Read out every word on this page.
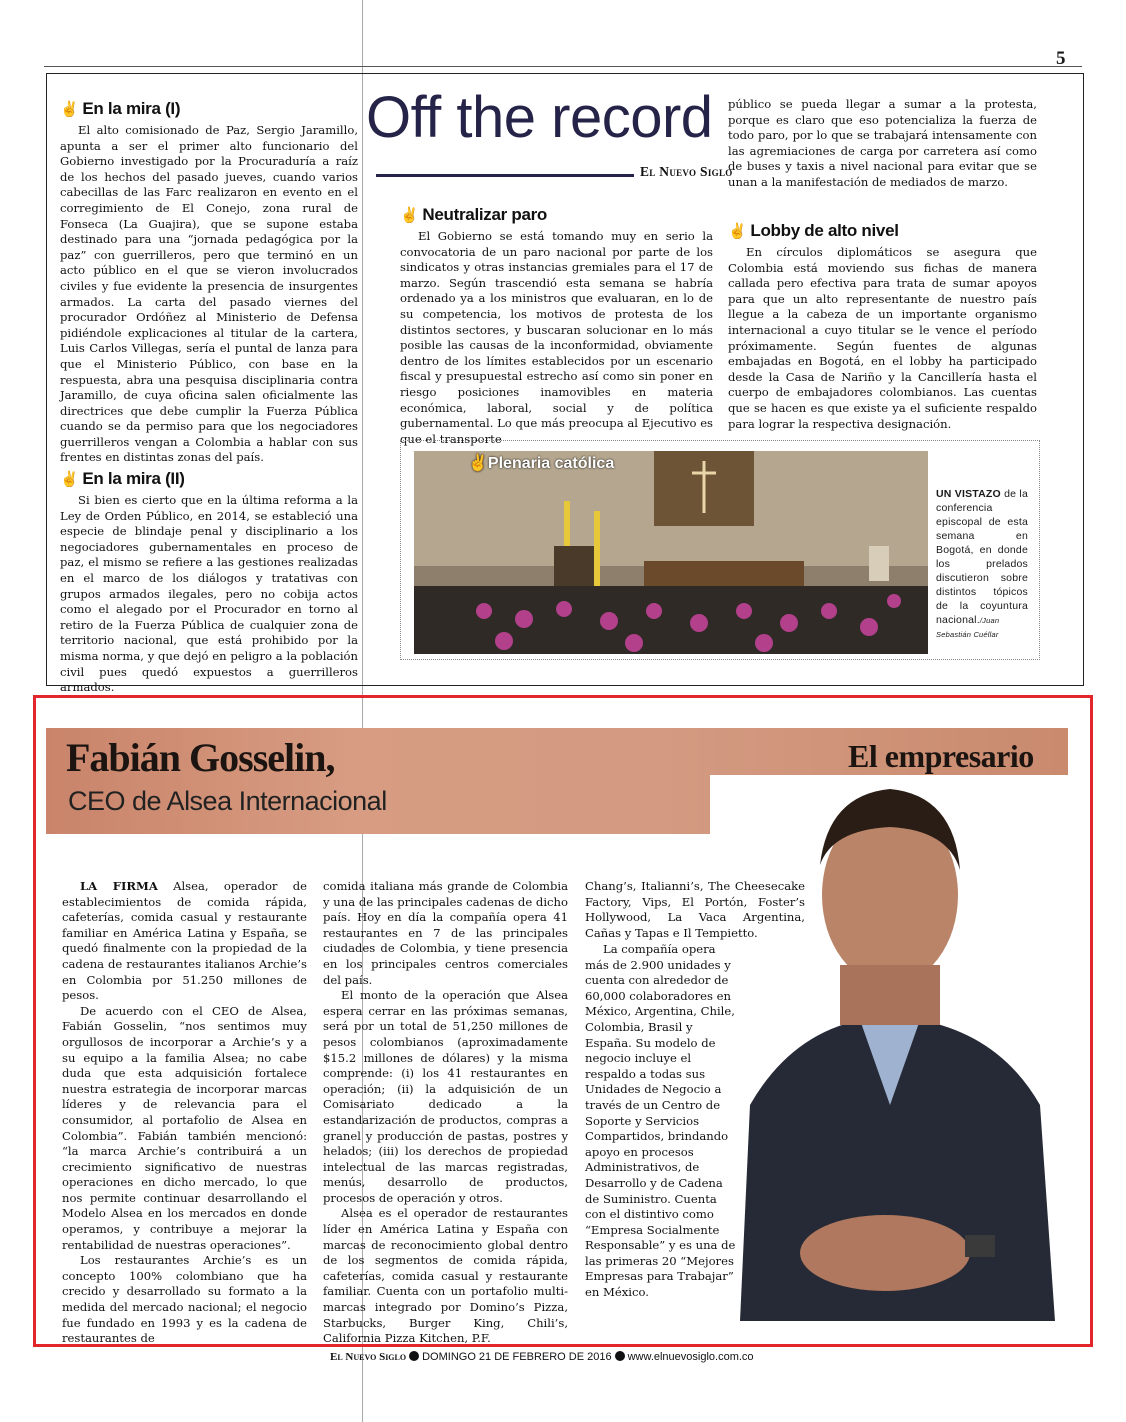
5
✌ En la mira (I)

El alto comisionado de Paz, Sergio Jaramillo, apunta a ser el primer alto funcionario del Gobierno investigado por la Procuraduría a raíz de los hechos del pasado jueves, cuando varios cabecillas de las Farc realizaron en evento en el corregimiento de El Conejo, zona rural de Fonseca (La Guajira), que se supone estaba destinado para una “jornada pedagógica por la paz” con guerrilleros, pero que terminó en un acto público en el que se vieron involucrados civiles y fue evidente la presencia de insurgentes armados. La carta del pasado viernes del procurador Ordóñez al Ministerio de Defensa pidiéndole explicaciones al titular de la cartera, Luis Carlos Villegas, sería el puntal de lanza para que el Ministerio Público, con base en la respuesta, abra una pesquisa disciplinaria contra Jaramillo, de cuya oficina salen oficialmente las directrices que debe cumplir la Fuerza Pública cuando se da permiso para que los negociadores guerrilleros vengan a Colombia a hablar con sus frentes en distintas zonas del país.

✌ En la mira (II)

Si bien es cierto que en la última reforma a la Ley de Orden Público, en 2014, se estableció una especie de blindaje penal y disciplinario a los negociadores gubernamentales en proceso de paz, el mismo se refiere a las gestiones realizadas en el marco de los diálogos y tratativas con grupos armados ilegales, pero no cobija actos como el alegado por el Procurador en torno al retiro de la Fuerza Pública de cualquier zona de territorio nacional, que está prohibido por la misma norma, y que dejó en peligro a la población civil pues quedó expuestos a guerrilleros armados.

Off the record
El Nuevo Siglo
✌ Neutralizar paro

El Gobierno se está tomando muy en serio la convocatoria de un paro nacional por parte de los sindicatos y otras instancias gremiales para el 17 de marzo. Según trascendió esta semana se habría ordenado ya a los ministros que evaluaran, en lo de su competencia, los motivos de protesta de los distintos sectores, y buscaran solucionar en lo más posible las causas de la inconformidad, obviamente dentro de los límites establecidos por un escenario fiscal y presupuestal estrecho así como sin poner en riesgo posiciones inamovibles en materia económica, laboral, social y de política gubernamental. Lo que más preocupa al Ejecutivo es que el transporte

público se pueda llegar a sumar a la protesta, porque es claro que eso potencializa la fuerza de todo paro, por lo que se trabajará intensamente con las agremiaciones de carga por carretera así como de buses y taxis a nivel nacional para evitar que se unan a la manifestación de mediados de marzo.

✌ Lobby de alto nivel

En círculos diplomáticos se asegura que Colombia está moviendo sus fichas de manera callada pero efectiva para trata de sumar apoyos para que un alto representante de nuestro país llegue a la cabeza de un importante organismo internacional a cuyo titular se le vence el período próximamente. Según fuentes de algunas embajadas en Bogotá, en el lobby ha participado desde la Casa de Nariño y la Cancillería hasta el cuerpo de embajadores colombianos. Las cuentas que se hacen es que existe ya el suficiente respaldo para lograr la respectiva designación.

✌Plenaria católica
UN VISTAZO de la conferencia episcopal de esta semana en Bogotá, en donde los prelados discutieron sobre distintos tópicos de la coyuntura nacional./Juan Sebastián Cuéllar
Fabián Gosselin,
CEO de Alsea Internacional
El empresario

LA FIRMA Alsea, operador de establecimientos de comida rápida, cafeterías, comida casual y restaurante familiar en América Latina y España, se quedó finalmente con la propiedad de la cadena de restaurantes italianos Archie’s en Colombia por 51.250 millones de pesos.

De acuerdo con el CEO de Alsea, Fabián Gosselin, “nos sentimos muy orgullosos de incorporar a Archie’s y a su equipo a la familia Alsea; no cabe duda que esta adquisición fortalece nuestra estrategia de incorporar marcas líderes y de relevancia para el consumidor, al portafolio de Alsea en Colombia”. Fabián también mencionó: “la marca Archie’s contribuirá a un crecimiento significativo de nuestras operaciones en dicho mercado, lo que nos permite continuar desarrollando el Modelo Alsea en los mercados en donde operamos, y contribuye a mejorar la rentabilidad de nuestras operaciones”.

Los restaurantes Archie’s es un concepto 100% colombiano que ha crecido y desarrollado su formato a la medida del mercado nacional; el negocio fue fundado en 1993 y es la cadena de restaurantes de

comida italiana más grande de Colombia y una de las principales cadenas de dicho país. Hoy en día la compañía opera 41 restaurantes en 7 de las principales ciudades de Colombia, y tiene presencia en los principales centros comerciales del país.

El monto de la operación que Alsea espera cerrar en las próximas semanas, será por un total de 51,250 millones de pesos colombianos (aproximadamente $15.2 millones de dólares) y la misma comprende: (i) los 41 restaurantes en operación; (ii) la adquisición de un Comisariato dedicado a la estandarización de productos, compras a granel y producción de pastas, postres y helados; (iii) los derechos de propiedad intelectual de las marcas registradas, menús, desarrollo de productos, procesos de operación y otros.

Alsea es el operador de restaurantes líder en América Latina y España con marcas de reconocimiento global dentro de los segmentos de comida rápida, cafeterías, comida casual y restaurante familiar. Cuenta con un portafolio multi-marcas integrado por Domino’s Pizza, Starbucks, Burger King, Chili’s, California Pizza Kitchen, P.F.

Chang’s, Italianni’s, The Cheesecake Factory, Vips, El Portón, Foster’s Hollywood, La Vaca Argentina, Cañas y Tapas e Il Tempietto.

La compañía opera más de 2.900 unidades y cuenta con alrededor de 60,000 colaboradores en México, Argentina, Chile, Colombia, Brasil y España. Su modelo de negocio incluye el respaldo a todas sus Unidades de Negocio a través de un Centro de Soporte y Servicios Compartidos, brindando apoyo en procesos Administrativos, de Desarrollo y de Cadena de Suministro. Cuenta con el distintivo como “Empresa Socialmente Responsable” y es una de las primeras 20 “Mejores Empresas para Trabajar” en México.

El Nuevo Siglo DOMINGO 21 DE FEBRERO DE 2016 www.elnuevosiglo.com.co
